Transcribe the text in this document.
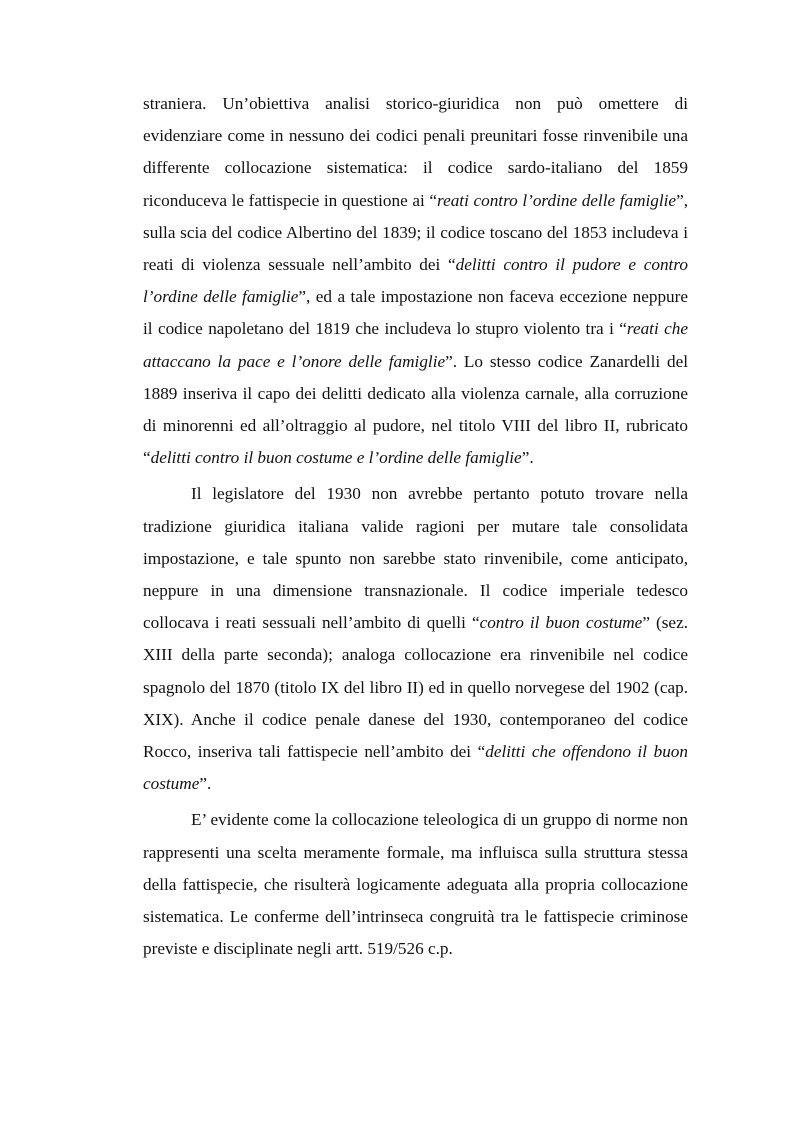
straniera. Un’obiettiva analisi storico-giuridica non può omettere di evidenziare come in nessuno dei codici penali preunitari fosse rinvenibile una differente collocazione sistematica: il codice sardo-italiano del 1859 riconduceva le fattispecie in questione ai “reati contro l’ordine delle famiglie”, sulla scia del codice Albertino del 1839; il codice toscano del 1853 includeva i reati di violenza sessuale nell’ambito dei “delitti contro il pudore e contro l’ordine delle famiglie”, ed a tale impostazione non faceva eccezione neppure il codice napoletano del 1819 che includeva lo stupro violento tra i “reati che attaccano la pace e l’onore delle famiglie”. Lo stesso codice Zanardelli del 1889 inseriva il capo dei delitti dedicato alla violenza carnale, alla corruzione di minorenni ed all’oltraggio al pudore, nel titolo VIII del libro II, rubricato “delitti contro il buon costume e l’ordine delle famiglie”.

Il legislatore del 1930 non avrebbe pertanto potuto trovare nella tradizione giuridica italiana valide ragioni per mutare tale consolidata impostazione, e tale spunto non sarebbe stato rinvenibile, come anticipato, neppure in una dimensione transnazionale. Il codice imperiale tedesco collocava i reati sessuali nell’ambito di quelli “contro il buon costume” (sez. XIII della parte seconda); analoga collocazione era rinvenibile nel codice spagnolo del 1870 (titolo IX del libro II) ed in quello norvegese del 1902 (cap. XIX). Anche il codice penale danese del 1930, contemporaneo del codice Rocco, inseriva tali fattispecie nell’ambito dei “delitti che offendono il buon costume”.

E’ evidente come la collocazione teleologica di un gruppo di norme non rappresenti una scelta meramente formale, ma influisca sulla struttura stessa della fattispecie, che risulterà logicamente adeguata alla propria collocazione sistematica. Le conferme dell’intrinseca congruità tra le fattispecie criminose previste e disciplinate negli artt. 519/526 c.p.
